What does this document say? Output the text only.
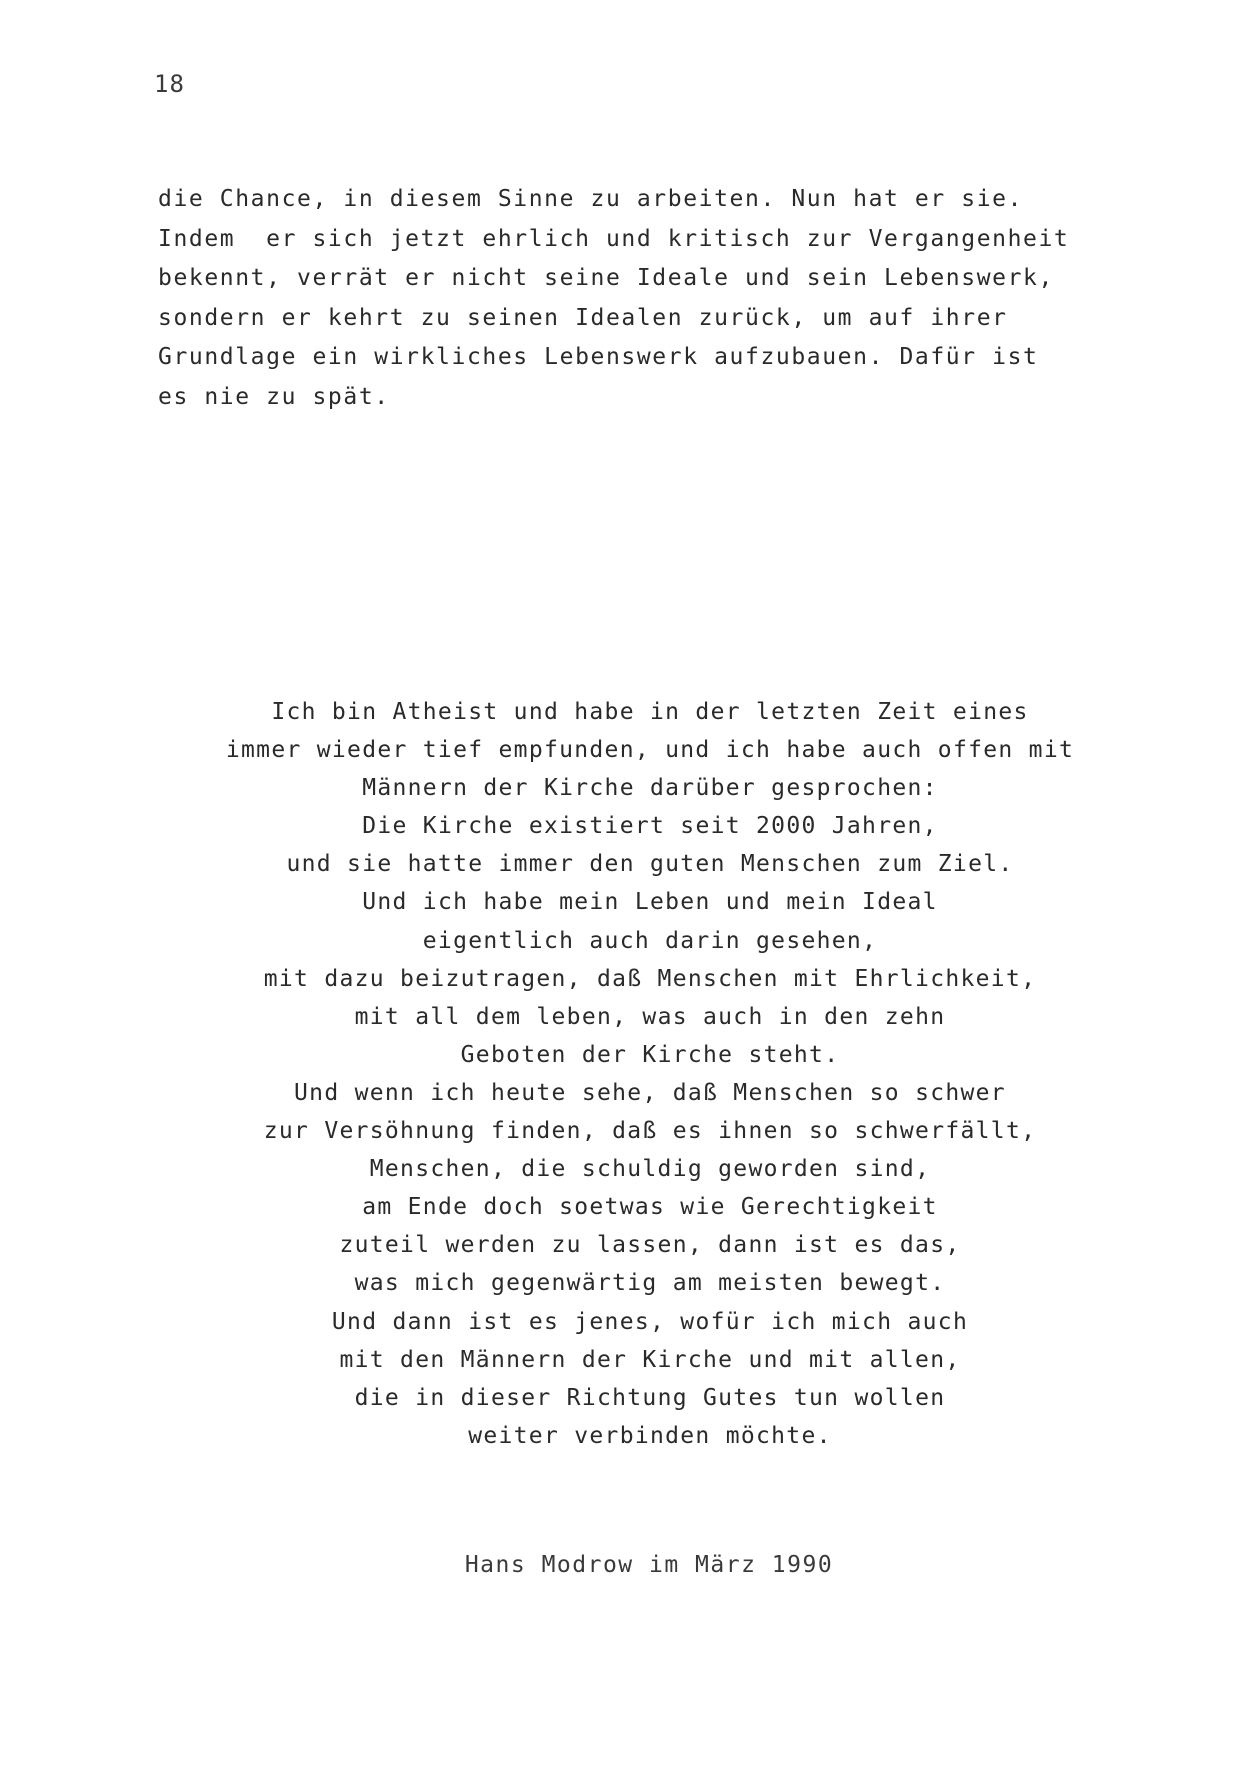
18
die Chance, in diesem Sinne zu arbeiten. Nun hat er sie.
Indem  er sich jetzt ehrlich und kritisch zur Vergangenheit
bekennt, verrät er nicht seine Ideale und sein Lebenswerk,
sondern er kehrt zu seinen Idealen zurück, um auf ihrer
Grundlage ein wirkliches Lebenswerk aufzubauen. Dafür ist
es nie zu spät.
Ich bin Atheist und habe in der letzten Zeit eines
immer wieder tief empfunden, und ich habe auch offen mit
Männern der Kirche darüber gesprochen:
Die Kirche existiert seit 2000 Jahren,
und sie hatte immer den guten Menschen zum Ziel.
Und ich habe mein Leben und mein Ideal
eigentlich auch darin gesehen,
mit dazu beizutragen, daß Menschen mit Ehrlichkeit,
mit all dem leben, was auch in den zehn
Geboten der Kirche steht.
Und wenn ich heute sehe, daß Menschen so schwer
zur Versöhnung finden, daß es ihnen so schwerfällt,
Menschen, die schuldig geworden sind,
am Ende doch soetwas wie Gerechtigkeit
zuteil werden zu lassen, dann ist es das,
was mich gegenwärtig am meisten bewegt.
Und dann ist es jenes, wofür ich mich auch
mit den Männern der Kirche und mit allen,
die in dieser Richtung Gutes tun wollen
weiter verbinden möchte.
Hans Modrow im März 1990
